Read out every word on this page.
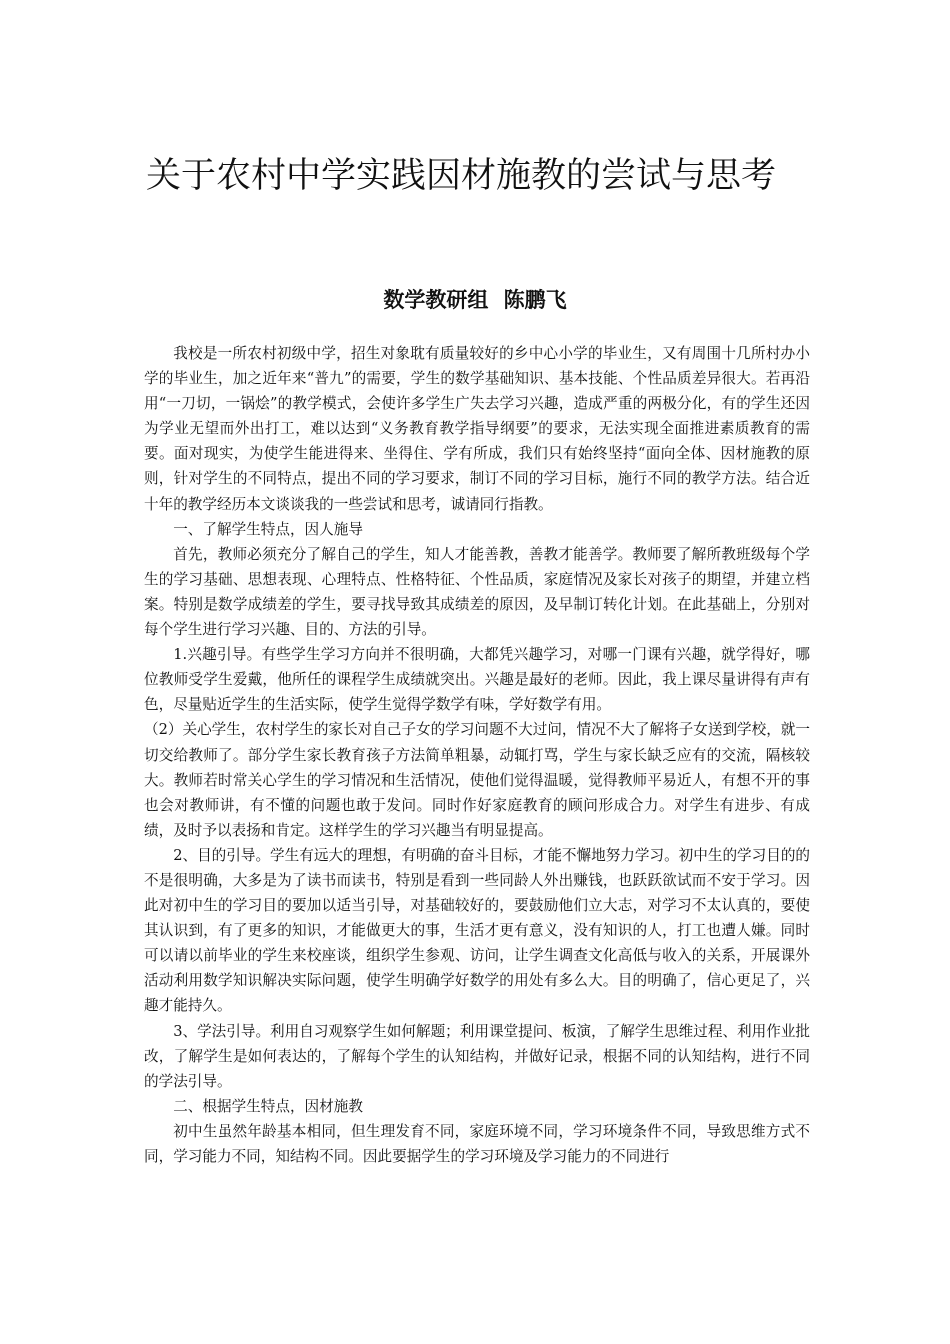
关于农村中学实践因材施教的尝试与思考
数学教研组 陈鹏飞

我校是一所农村初级中学，招生对象耽有质量较好的乡中心小学的毕业生，又有周围十几所村办小学的毕业生，加之近年来“普九”的需要，学生的数学基础知识、基本技能、个性品质差异很大。若再沿用“一刀切，一锅烩”的教学模式，会使许多学生广失去学习兴趣，造成严重的两极分化，有的学生还因为学业无望而外出打工，难以达到“义务教育教学指导纲要”的要求，无法实现全面推进素质教育的需要。面对现实，为使学生能进得来、坐得住、学有所成，我们只有始终坚持“面向全体、因材施教的原则，针对学生的不同特点，提出不同的学习要求，制订不同的学习目标，施行不同的教学方法。结合近十年的教学经历本文谈谈我的一些尝试和思考，诚请同行指教。

一、了解学生特点，因人施导

首先，教师必须充分了解自己的学生，知人才能善教，善教才能善学。教师要了解所教班级每个学生的学习基础、思想表现、心理特点、性格特征、个性品质，家庭情况及家长对孩子的期望，并建立档案。特别是数学成绩差的学生，要寻找导致其成绩差的原因，及早制订转化计划。在此基础上，分别对每个学生进行学习兴趣、目的、方法的引导。

1.兴趣引导。有些学生学习方向并不很明确，大都凭兴趣学习，对哪一门课有兴趣，就学得好，哪位教师受学生爱戴，他所任的课程学生成绩就突出。兴趣是最好的老师。因此，我上课尽量讲得有声有色，尽量贴近学生的生活实际，使学生觉得学数学有味，学好数学有用。

（2）关心学生，农村学生的家长对自己子女的学习问题不大过问，情况不大了解将子女送到学校，就一切交给教师了。部分学生家长教育孩子方法简单粗暴，动辄打骂，学生与家长缺乏应有的交流，隔核较大。教师若时常关心学生的学习情况和生活情况，使他们觉得温暖，觉得教师平易近人，有想不开的事也会对教师讲，有不懂的问题也敢于发问。同时作好家庭教育的顾问形成合力。对学生有进步、有成绩，及时予以表扬和肯定。这样学生的学习兴趣当有明显提高。

2、目的引导。学生有远大的理想，有明确的奋斗目标，才能不懈地努力学习。初中生的学习目的的不是很明确，大多是为了读书而读书，特别是看到一些同龄人外出赚钱，也跃跃欲试而不安于学习。因此对初中生的学习目的要加以适当引导，对基础较好的，要鼓励他们立大志，对学习不太认真的，要使其认识到，有了更多的知识，才能做更大的事，生活才更有意义，没有知识的人，打工也遭人嫌。同时可以请以前毕业的学生来校座谈，组织学生参观、访问，让学生调查文化高低与收入的关系，开展课外活动利用数学知识解决实际问题，使学生明确学好数学的用处有多么大。目的明确了，信心更足了，兴趣才能持久。

3、学法引导。利用自习观察学生如何解题；利用课堂提问、板演，了解学生思维过程、利用作业批改，了解学生是如何表达的，了解每个学生的认知结构，并做好记录，根据不同的认知结构，进行不同的学法引导。

二、根据学生特点，因材施教

初中生虽然年龄基本相同，但生理发育不同，家庭环境不同，学习环境条件不同，导致思维方式不同，学习能力不同，知结构不同。因此要据学生的学习环境及学习能力的不同进行
